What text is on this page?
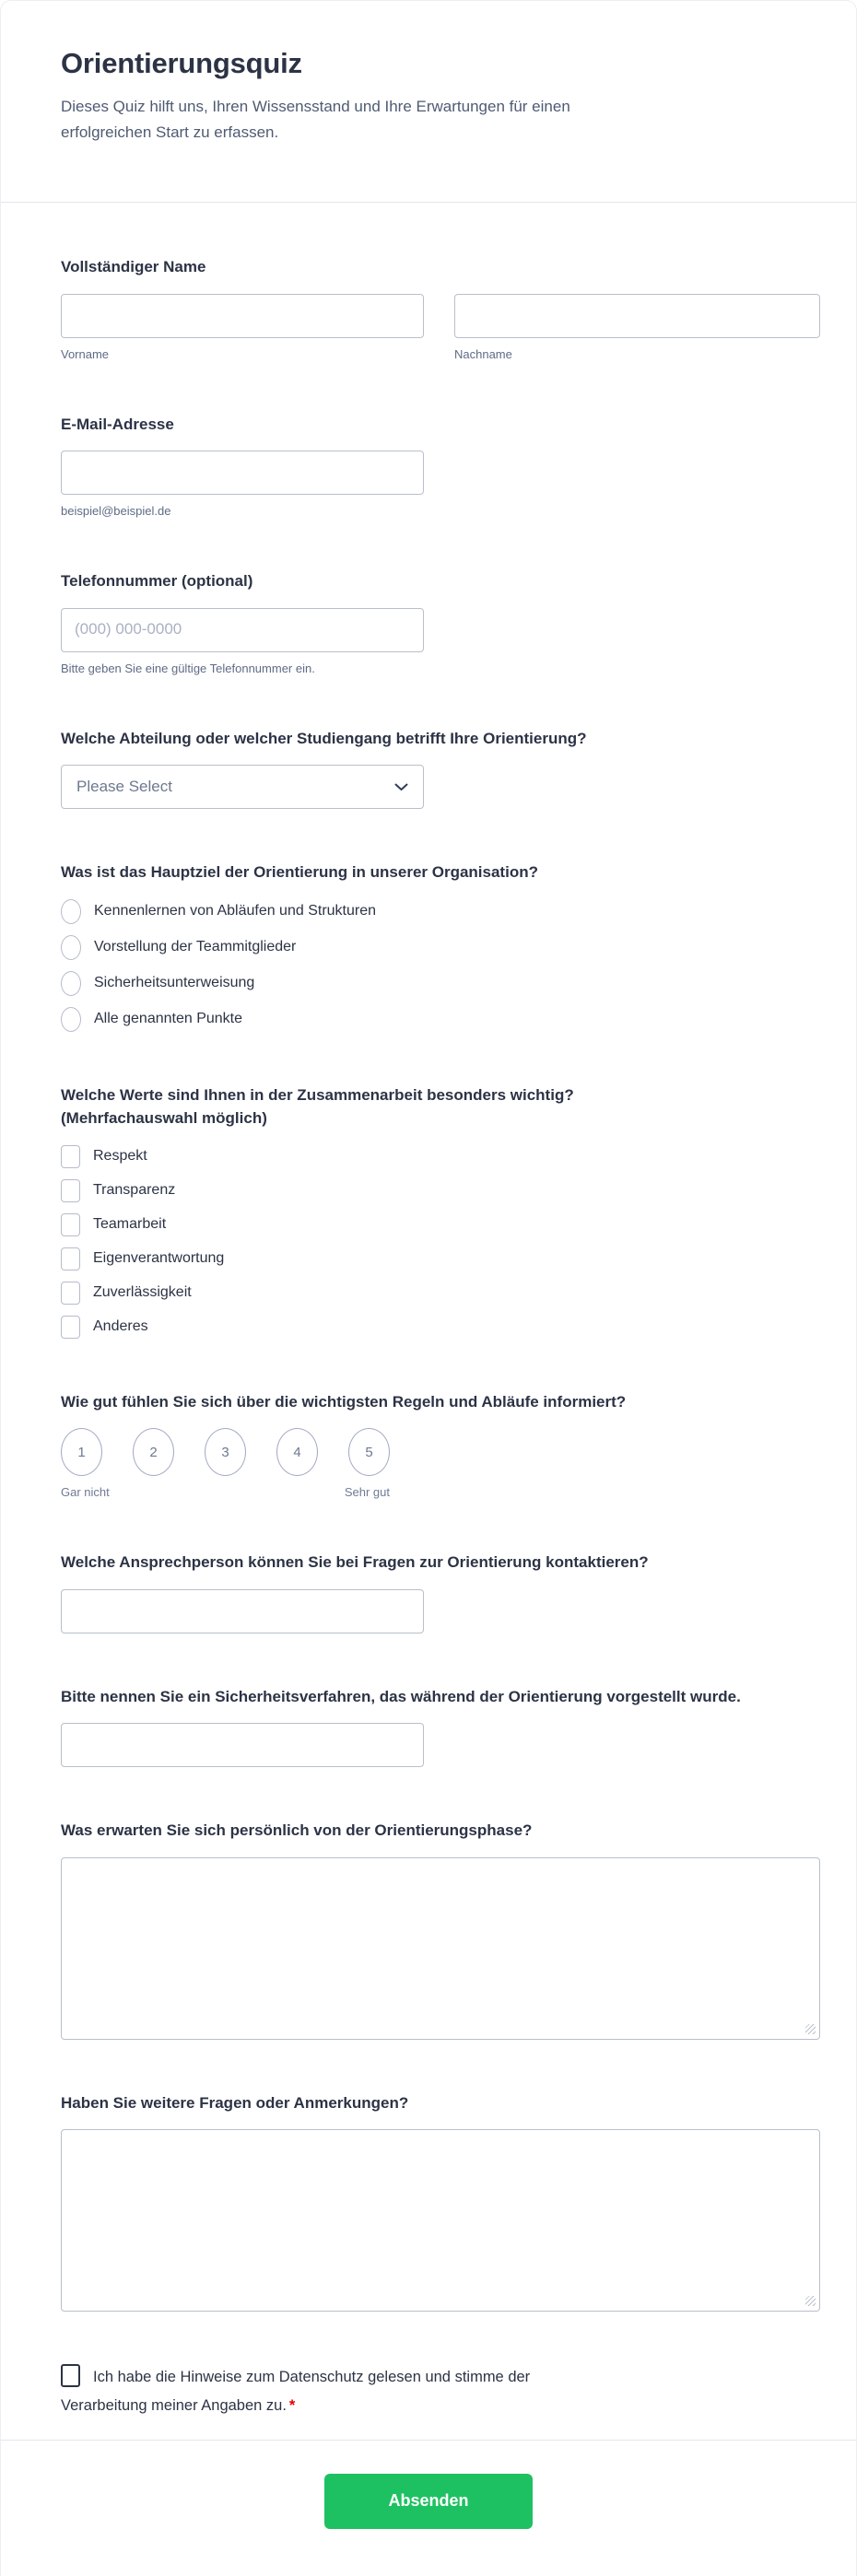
Orientierungsquiz
Dieses Quiz hilft uns, Ihren Wissensstand und Ihre Erwartungen für einen erfolgreichen Start zu erfassen.
Vollständiger Name
Vorname	Nachname
E-Mail-Adresse
beispiel@beispiel.de
Telefonnummer (optional)
(000) 000-0000
Bitte geben Sie eine gültige Telefonnummer ein.
Welche Abteilung oder welcher Studiengang betrifft Ihre Orientierung?
Please Select
Was ist das Hauptziel der Orientierung in unserer Organisation?
Kennenlernen von Abläufen und Strukturen
Vorstellung der Teammitglieder
Sicherheitsunterweisung
Alle genannten Punkte
Welche Werte sind Ihnen in der Zusammenarbeit besonders wichtig?
(Mehrfachauswahl möglich)
Respekt
Transparenz
Teamarbeit
Eigenverantwortung
Zuverlässigkeit
Anderes
Wie gut fühlen Sie sich über die wichtigsten Regeln und Abläufe informiert?
1	2	3	4	5
Gar nicht	Sehr gut
Welche Ansprechperson können Sie bei Fragen zur Orientierung kontaktieren?
Bitte nennen Sie ein Sicherheitsverfahren, das während der Orientierung vorgestellt wurde.
Was erwarten Sie sich persönlich von der Orientierungsphase?
Haben Sie weitere Fragen oder Anmerkungen?
Ich habe die Hinweise zum Datenschutz gelesen und stimme der Verarbeitung meiner Angaben zu. *
Absenden
